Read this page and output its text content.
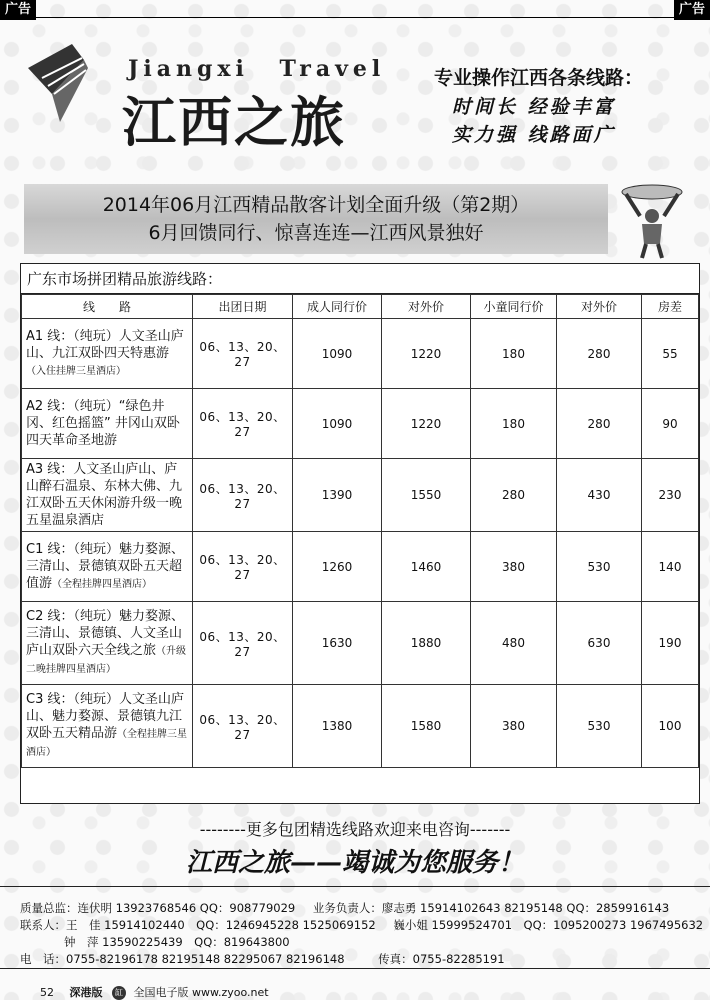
广告	广告
Jiangxi Travel
江西之旅
专业操作江西各条线路：
时间长 经验丰富
实力强 线路面广
2014年06月江西精品散客计划全面升级（第2期）
6月回馈同行、惊喜连连—江西风景独好
广东市场拼团精品旅游线路：
线　　路	出团日期	成人同行价	对外价	小童同行价	对外价	房差
A1 线：（纯玩）人文圣山庐山、九江双卧四天特惠游（入住挂牌三星酒店）	06、13、20、27	1090	1220	180	280	55
A2 线：（纯玩）“绿色井冈、红色摇篮” 井冈山双卧四天革命圣地游	06、13、20、27	1090	1220	180	280	90
A3 线：人文圣山庐山、庐山醉石温泉、东林大佛、九江双卧五天休闲游升级一晚五星温泉酒店	06、13、20、27	1390	1550	280	430	230
C1 线：（纯玩）魅力婺源、三清山、景德镇双卧五天超值游（全程挂牌四星酒店）	06、13、20、27	1260	1460	380	530	140
C2 线：（纯玩）魅力婺源、三清山、景德镇、人文圣山庐山双卧六天全线之旅（升级二晚挂牌四星酒店）	06、13、20、27	1630	1880	480	630	190
C3 线：（纯玩）人文圣山庐山、魅力婺源、景德镇九江双卧五天精品游（全程挂牌三星酒店）	06、13、20、27	1380	1580	380	530	100
--------更多包团精选线路欢迎来电咨询-------
江西之旅——竭诚为您服务！
质量总监：连伏明 13923768546 QQ：908779029 业务负责人：廖志勇 15914102643 82195148 QQ：2859916143
联系人：王　佳 15914102440　QQ：1246945228 1525069152 巍小姐 15999524701　QQ：1095200273 1967495632
钟　萍 13590225439　QQ：819643800
电　话：0755-82196178 82195148 82295067 82196148	传真：0755-82285191
52 深港版 缸 全国电子版 www.zyoo.net
